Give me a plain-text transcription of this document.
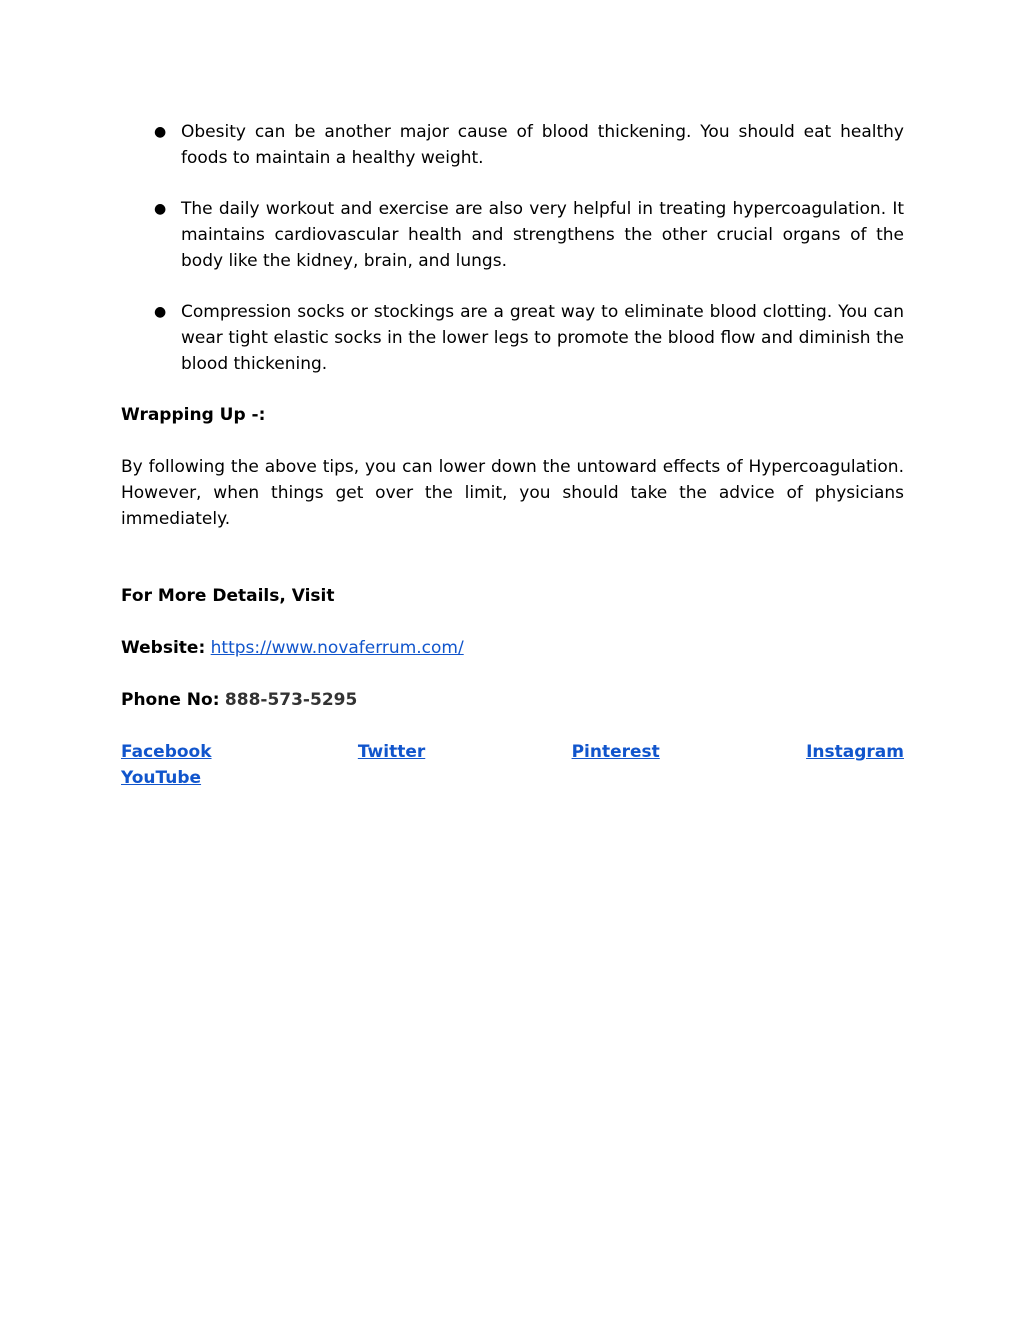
● Obesity can be another major cause of blood thickening. You should eat healthy foods to maintain a healthy weight.
● The daily workout and exercise are also very helpful in treating hypercoagulation. It maintains cardiovascular health and strengthens the other crucial organs of the body like the kidney, brain, and lungs.
● Compression socks or stockings are a great way to eliminate blood clotting. You can wear tight elastic socks in the lower legs to promote the blood flow and diminish the blood thickening.

Wrapping Up -:

By following the above tips, you can lower down the untoward effects of Hypercoagulation. However, when things get over the limit, you should take the advice of physicians immediately.

For More Details, Visit

Website: https://www.novaferrum.com/

Phone No: 888-573-5295

Facebook	Twitter	Pinterest	Instagram
YouTube
